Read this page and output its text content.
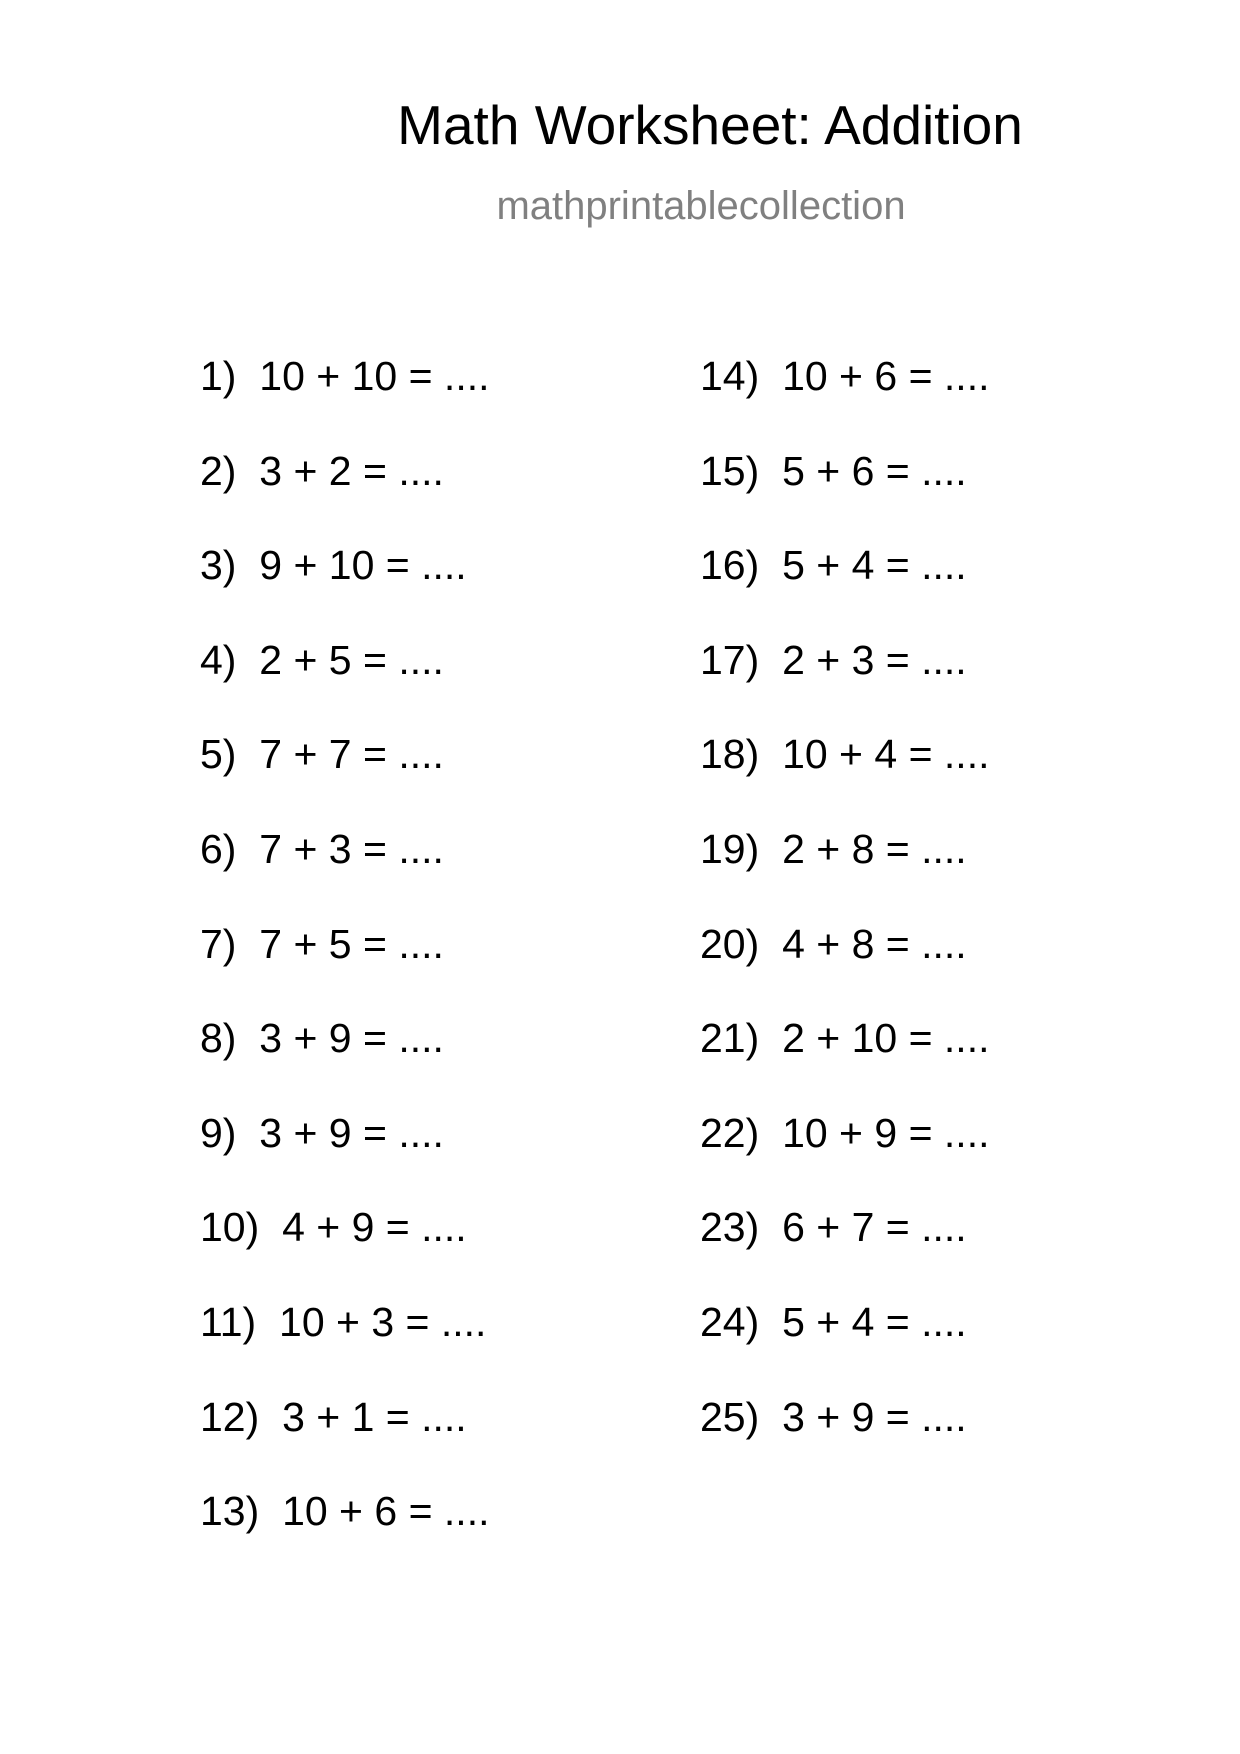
Math Worksheet: Addition
mathprintablecollection
1) 10 + 10 = ....
2) 3 + 2 = ....
3) 9 + 10 = ....
4) 2 + 5 = ....
5) 7 + 7 = ....
6) 7 + 3 = ....
7) 7 + 5 = ....
8) 3 + 9 = ....
9) 3 + 9 = ....
10) 4 + 9 = ....
11) 10 + 3 = ....
12) 3 + 1 = ....
13) 10 + 6 = ....
14) 10 + 6 = ....
15) 5 + 6 = ....
16) 5 + 4 = ....
17) 2 + 3 = ....
18) 10 + 4 = ....
19) 2 + 8 = ....
20) 4 + 8 = ....
21) 2 + 10 = ....
22) 10 + 9 = ....
23) 6 + 7 = ....
24) 5 + 4 = ....
25) 3 + 9 = ....
